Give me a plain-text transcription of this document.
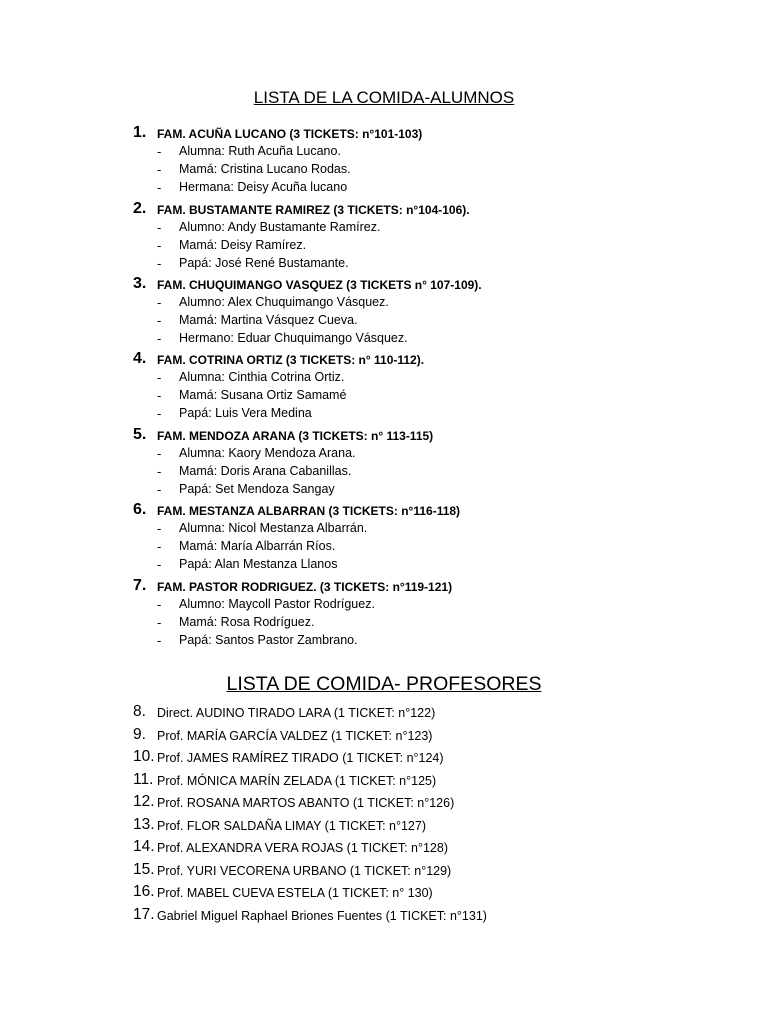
LISTA DE LA COMIDA-ALUMNOS
1. FAM. ACUÑA LUCANO (3 TICKETS: n°101-103)
- Alumna: Ruth Acuña Lucano.
- Mamá: Cristina Lucano Rodas.
- Hermana: Deisy Acuña lucano
2. FAM. BUSTAMANTE RAMIREZ (3 TICKETS: n°104-106).
- Alumno: Andy Bustamante Ramírez.
- Mamá: Deisy Ramírez.
- Papá: José René Bustamante.
3. FAM. CHUQUIMANGO VASQUEZ (3 TICKETS n° 107-109).
- Alumno: Alex Chuquimango Vásquez.
- Mamá: Martina Vásquez Cueva.
- Hermano: Eduar Chuquimango Vásquez.
4. FAM. COTRINA ORTIZ (3 TICKETS: n° 110-112).
- Alumna: Cinthia Cotrina Ortiz.
- Mamá: Susana Ortiz Samamé
- Papá: Luis Vera Medina
5. FAM. MENDOZA ARANA (3 TICKETS: n° 113-115)
- Alumna: Kaory Mendoza Arana.
- Mamá: Doris Arana Cabanillas.
- Papá: Set Mendoza Sangay
6. FAM. MESTANZA ALBARRAN (3 TICKETS: n°116-118)
- Alumna: Nicol Mestanza Albarrán.
- Mamá: María Albarrán Ríos.
- Papá: Alan Mestanza Llanos
7. FAM. PASTOR RODRIGUEZ. (3 TICKETS: n°119-121)
- Alumno: Maycoll Pastor Rodríguez.
- Mamá: Rosa Rodríguez.
- Papá: Santos Pastor Zambrano.
LISTA DE COMIDA- PROFESORES
8. Direct. AUDINO TIRADO LARA (1 TICKET: n°122)
9. Prof. MARÍA GARCÍA VALDEZ (1 TICKET: n°123)
10. Prof. JAMES RAMÍREZ TIRADO (1 TICKET: n°124)
11. Prof. MÓNICA MARÍN ZELADA (1 TICKET: n°125)
12. Prof. ROSANA MARTOS ABANTO (1 TICKET: n°126)
13. Prof. FLOR SALDAÑA LIMAY (1 TICKET: n°127)
14. Prof. ALEXANDRA VERA ROJAS (1 TICKET: n°128)
15. Prof. YURI VECORENA URBANO (1 TICKET: n°129)
16. Prof. MABEL CUEVA ESTELA (1 TICKET: n° 130)
17. Gabriel Miguel Raphael Briones Fuentes (1 TICKET: n°131)
